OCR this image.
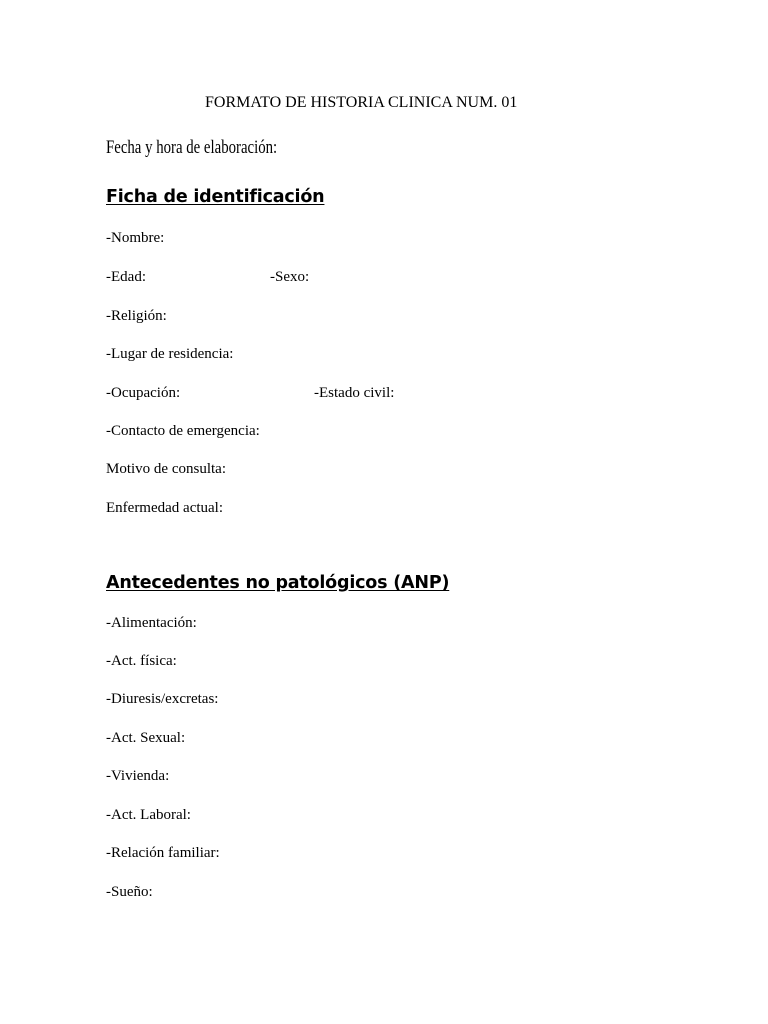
FORMATO DE HISTORIA CLINICA NUM. 01
Fecha y hora de elaboración:
Ficha de identificación
-Nombre:
-Edad:	-Sexo:
-Religión:
-Lugar de residencia:
-Ocupación:	-Estado civil:
-Contacto de emergencia:
Motivo de consulta:
Enfermedad actual:
Antecedentes no patológicos (ANP)
-Alimentación:
-Act. física:
-Diuresis/excretas:
-Act. Sexual:
-Vivienda:
-Act. Laboral:
-Relación familiar:
-Sueño:
